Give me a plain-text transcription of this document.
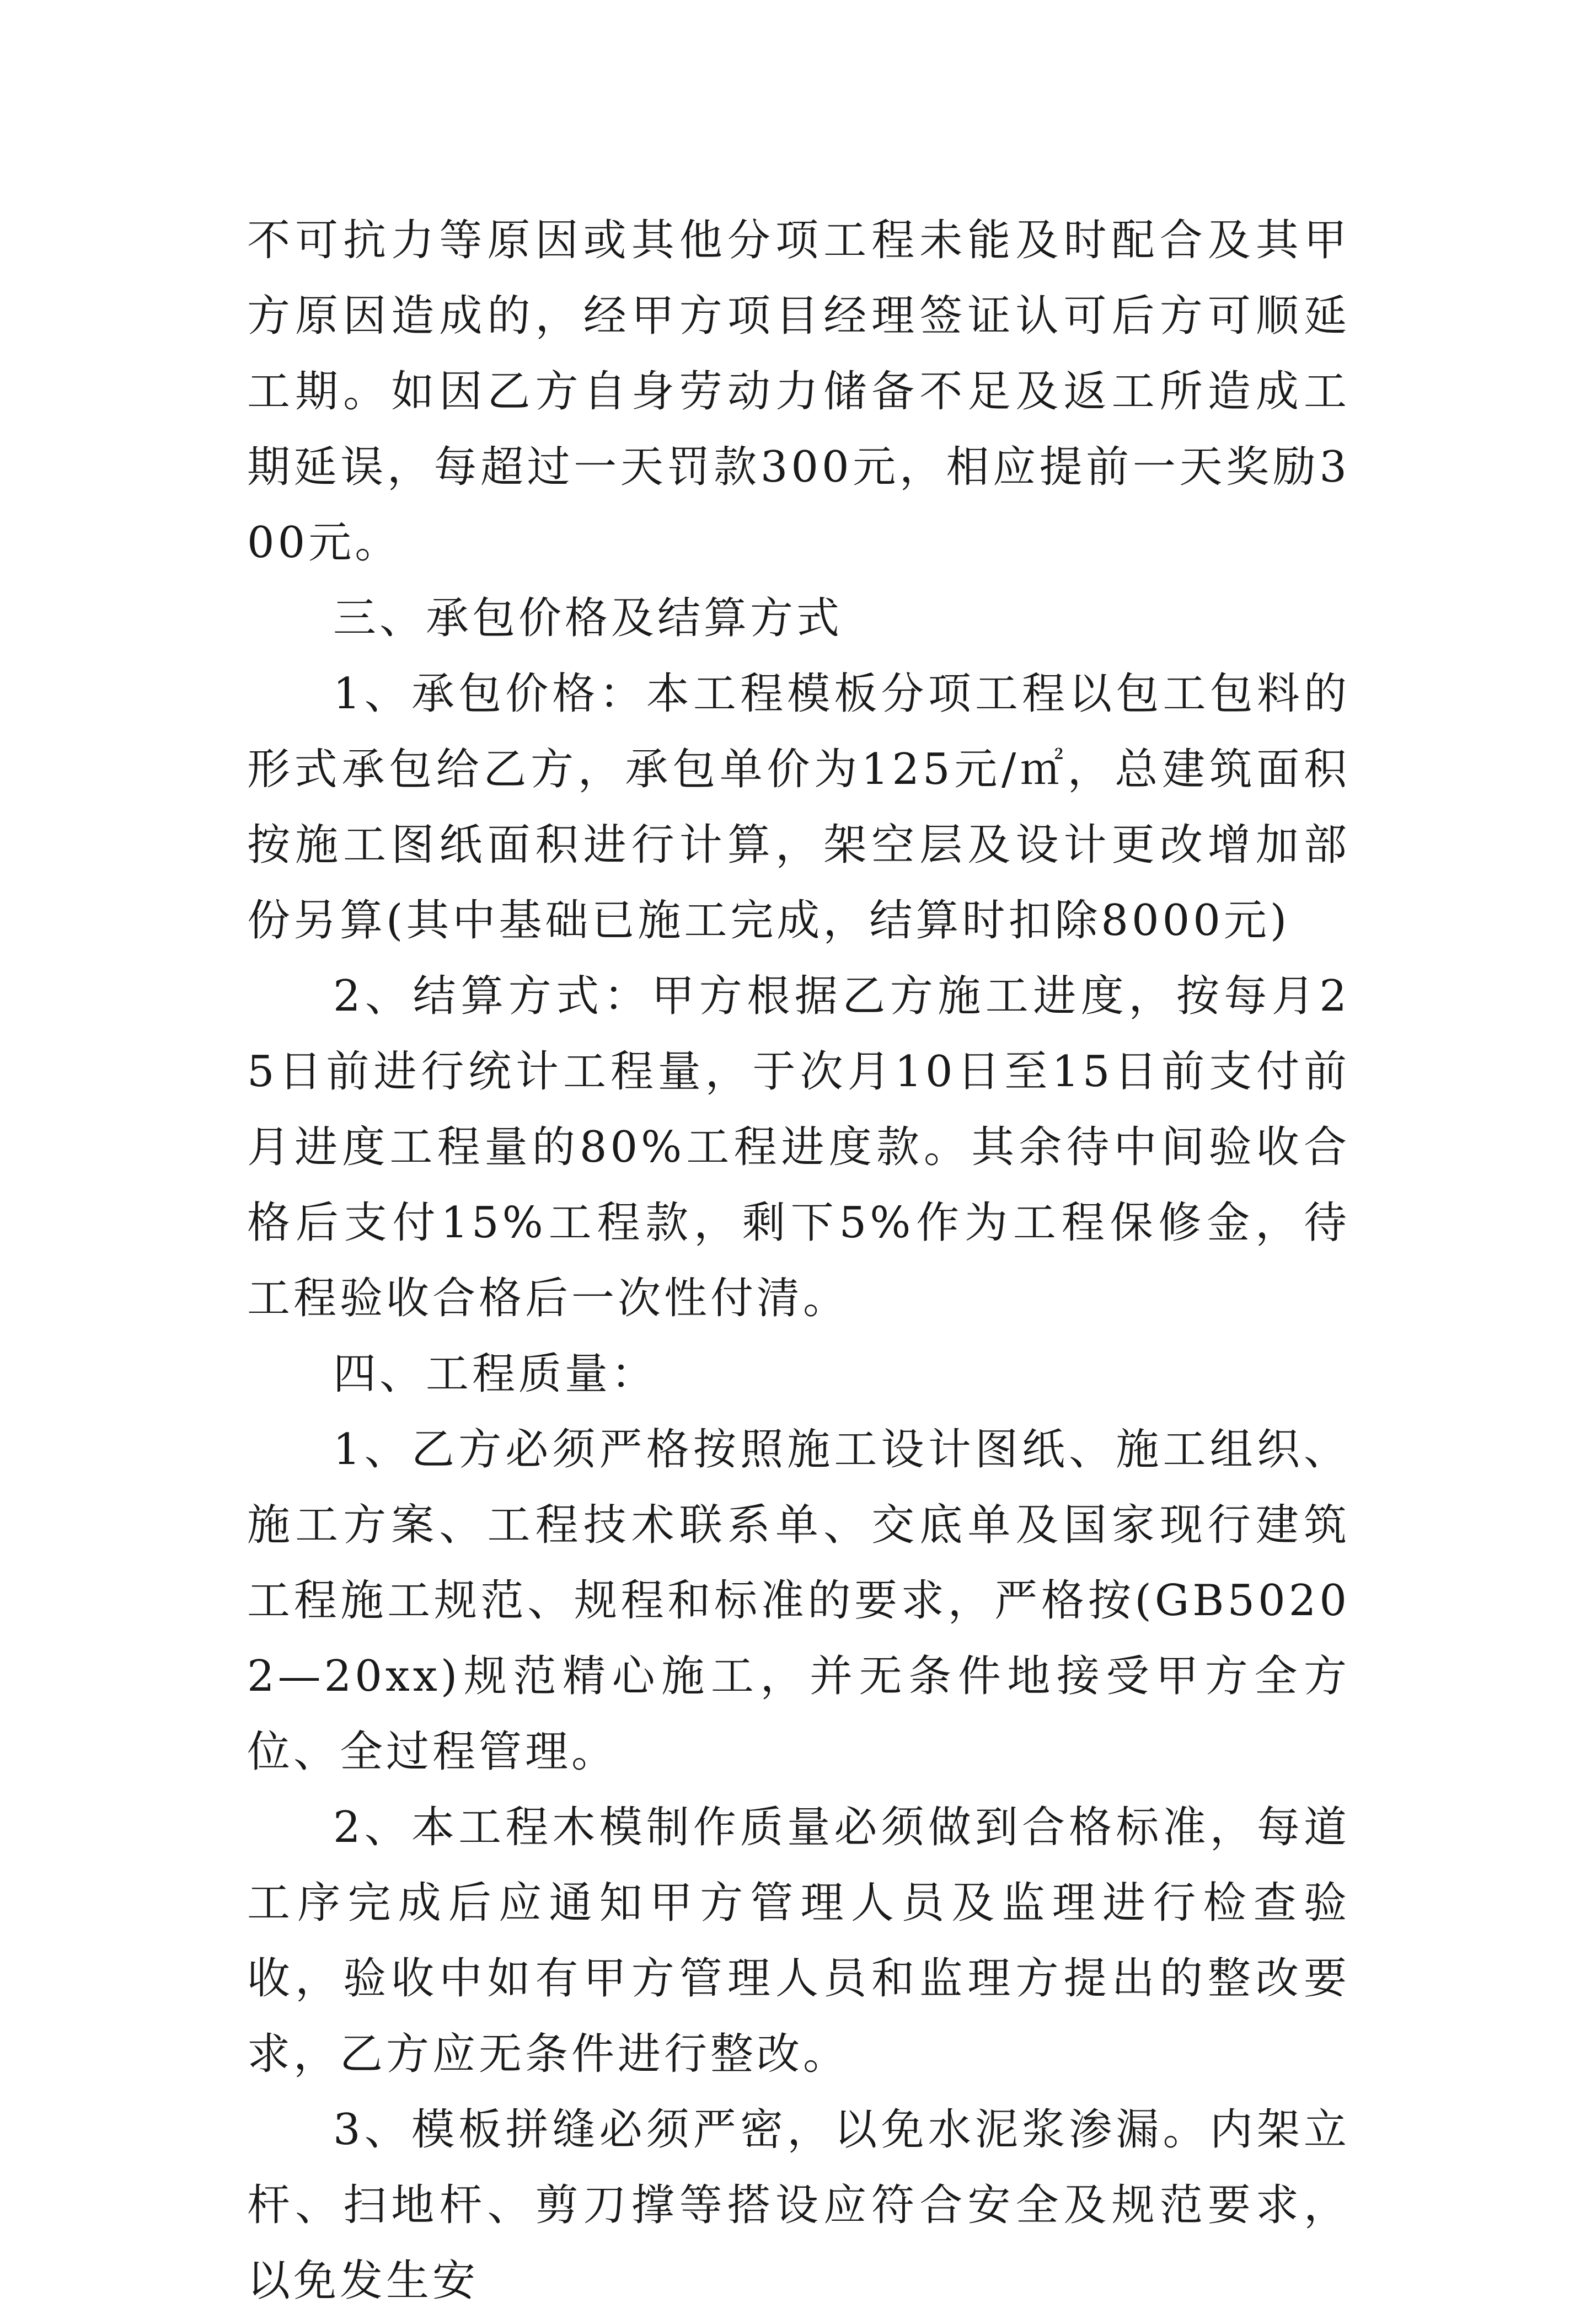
不可抗力等原因或其他分项工程未能及时配合及其甲方原因造成的，经甲方项目经理签证认可后方可顺延工期。如因乙方自身劳动力储备不足及返工所造成工期延误，每超过一天罚款300元，相应提前一天奖励300元。

三、承包价格及结算方式

1、承包价格：本工程模板分项工程以包工包料的形式承包给乙方，承包单价为125元/㎡，总建筑面积按施工图纸面积进行计算，架空层及设计更改增加部份另算(其中基础已施工完成，结算时扣除8000元)

2、结算方式：甲方根据乙方施工进度，按每月25日前进行统计工程量，于次月10日至15日前支付前月进度工程量的80%工程进度款。其余待中间验收合格后支付15%工程款，剩下5%作为工程保修金，待工程验收合格后一次性付清。

四、工程质量：

1、乙方必须严格按照施工设计图纸、施工组织、施工方案、工程技术联系单、交底单及国家现行建筑工程施工规范、规程和标准的要求，严格按(GB50202—20xx)规范精心施工，并无条件地接受甲方全方位、全过程管理。

2、本工程木模制作质量必须做到合格标准，每道工序完成后应通知甲方管理人员及监理进行检查验收，验收中如有甲方管理人员和监理方提出的整改要求，乙方应无条件进行整改。

3、模板拼缝必须严密，以免水泥浆渗漏。内架立杆、扫地杆、剪刀撑等搭设应符合安全及规范要求，以免发生安
